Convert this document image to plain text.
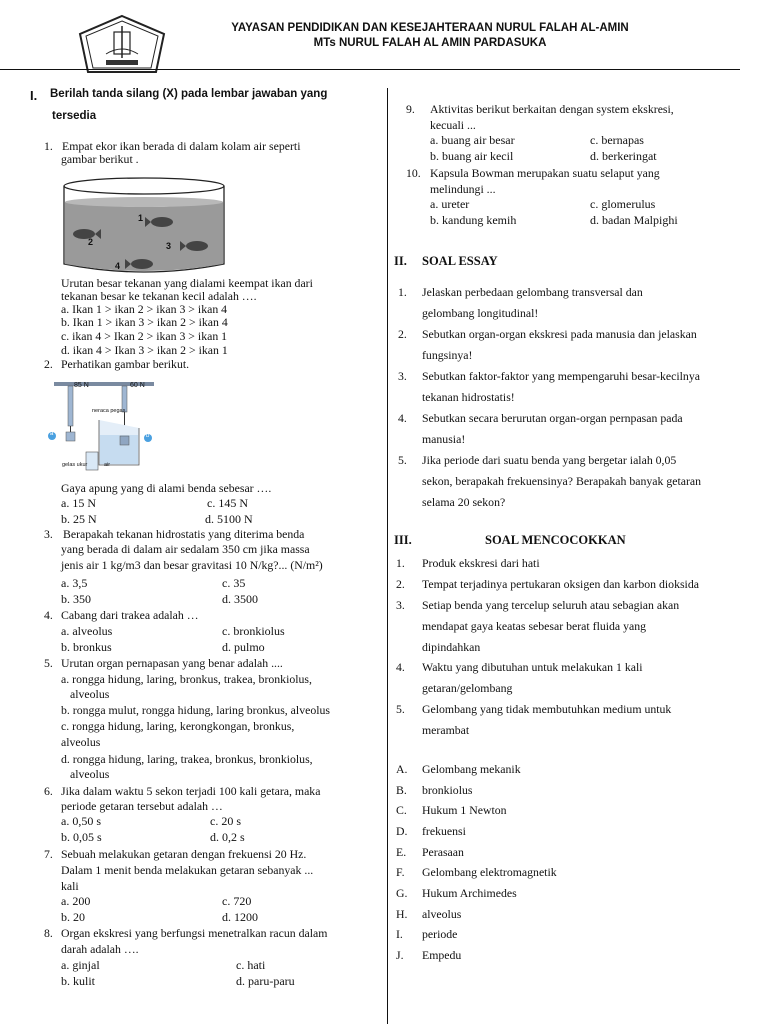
YAYASAN PENDIDIKAN DAN KESEJAHTERAAN NURUL FALAH AL-AMIN
MTs NURUL FALAH AL AMIN PARDASUKA
I. Berilah tanda silang (X) pada lembar jawaban yang
tersedia
1. Empat ekor ikan berada di dalam kolam air seperti
gambar berikut .
1
2	3
4
Urutan besar tekanan yang dialami keempat ikan dari
tekanan besar ke tekanan kecil adalah ….
a. Ikan 1 > ikan 2 > ikan 3 > ikan 4
b. Ikan 1 > ikan 3 > ikan 2 > ikan 4
c. ikan 4 > Ikan 2 > ikan 3 > ikan 1
d. ikan 4 > Ikan 3 > ikan 2 > ikan 1
2. Perhatikan gambar berikut.
85 N	60 N
neraca pegas
gelas ukur	air
a	b
Gaya apung yang di alami benda sebesar ….
a. 15 N	c. 145 N
b. 25 N	d. 5100 N
3. Berapakah tekanan hidrostatis yang diterima benda
yang berada di dalam air sedalam 350 cm jika massa
jenis air 1 kg/m3 dan besar gravitasi 10 N/kg?... (N/m²)
a. 3,5	c. 35
b. 350	d. 3500
4. Cabang dari trakea adalah …
a. alveolus	c. bronkiolus
b. bronkus	d. pulmo
5. Urutan organ pernapasan yang benar adalah ....
a. rongga hidung, laring, bronkus, trakea, bronkiolus,
alveolus
b. rongga mulut, rongga hidung, laring bronkus, alveolus
c. rongga hidung, laring, kerongkongan, bronkus,
alveolus
d. rongga hidung, laring, trakea, bronkus, bronkiolus,
alveolus
6. Jika dalam waktu 5 sekon terjadi 100 kali getara, maka
periode getaran tersebut adalah …
a. 0,50 s	c. 20 s
b. 0,05 s	d. 0,2 s
7. Sebuah melakukan getaran dengan frekuensi 20 Hz.
Dalam 1 menit benda melakukan getaran sebanyak ...
kali
a. 200	c. 720
b. 20	d. 1200
8. Organ ekskresi yang berfungsi menetralkan racun dalam
darah adalah ….
a. ginjal	c. hati
b. kulit	d. paru-paru
9. Aktivitas berikut berkaitan dengan system ekskresi,
kecuali ...
a. buang air besar	c. bernapas
b. buang air kecil	d. berkeringat
10. Kapsula Bowman merupakan suatu selaput yang
melindungi ...
a. ureter	c. glomerulus
b. kandung kemih	d. badan Malpighi
II. SOAL ESSAY
1. Jelaskan perbedaan gelombang transversal dan
gelombang longitudinal!
2. Sebutkan organ-organ ekskresi pada manusia dan jelaskan
fungsinya!
3. Sebutkan faktor-faktor yang mempengaruhi besar-kecilnya
tekanan hidrostatis!
4. Sebutkan secara berurutan organ-organ pernpasan pada
manusia!
5. Jika periode dari suatu benda yang bergetar ialah 0,05
sekon, berapakah frekuensinya? Berapakah banyak getaran
selama 20 sekon?
III.	SOAL MENCOCOKKAN
1. Produk ekskresi dari hati
2. Tempat terjadinya pertukaran oksigen dan karbon dioksida
3. Setiap benda yang tercelup seluruh atau sebagian akan
mendapat gaya keatas sebesar berat fluida yang
dipindahkan
4. Waktu yang dibutuhan untuk melakukan 1 kali
getaran/gelombang
5. Gelombang yang tidak membutuhkan medium untuk
merambat
A. Gelombang mekanik
B. bronkiolus
C. Hukum 1 Newton
D. frekuensi
E. Perasaan
F. Gelombang elektromagnetik
G. Hukum Archimedes
H. alveolus
I. periode
J. Empedu
